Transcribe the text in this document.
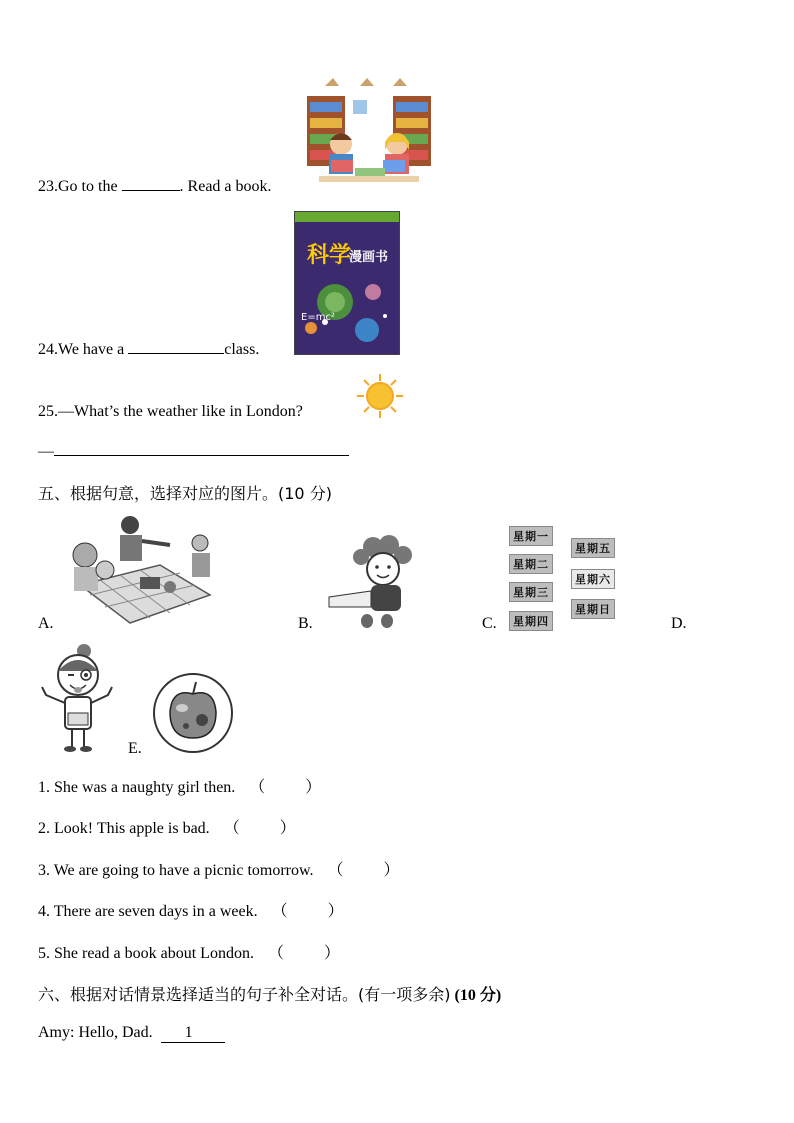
23.Go to the	. Read a book.
科学
漫画书
E=mc²
24.We have a	class.
25.—What’s the weather like in London?
—
五、根据句意，选择对应的图片。(10 分)
A.	B.
星期一
星期二
星期三
星期四
星期五
星期六
星期日
C.	D.
E.
1. She was a naughty girl then. （ ）
2. Look! This apple is bad. （ ）
3. We are going to have a picnic tomorrow. （ ）
4. There are seven days in a week. （ ）
5. She read a book about London. （ ）
六、根据对话情景选择适当的句子补全对话。(有一项多余) (10 分)
Amy: Hello, Dad. 1
